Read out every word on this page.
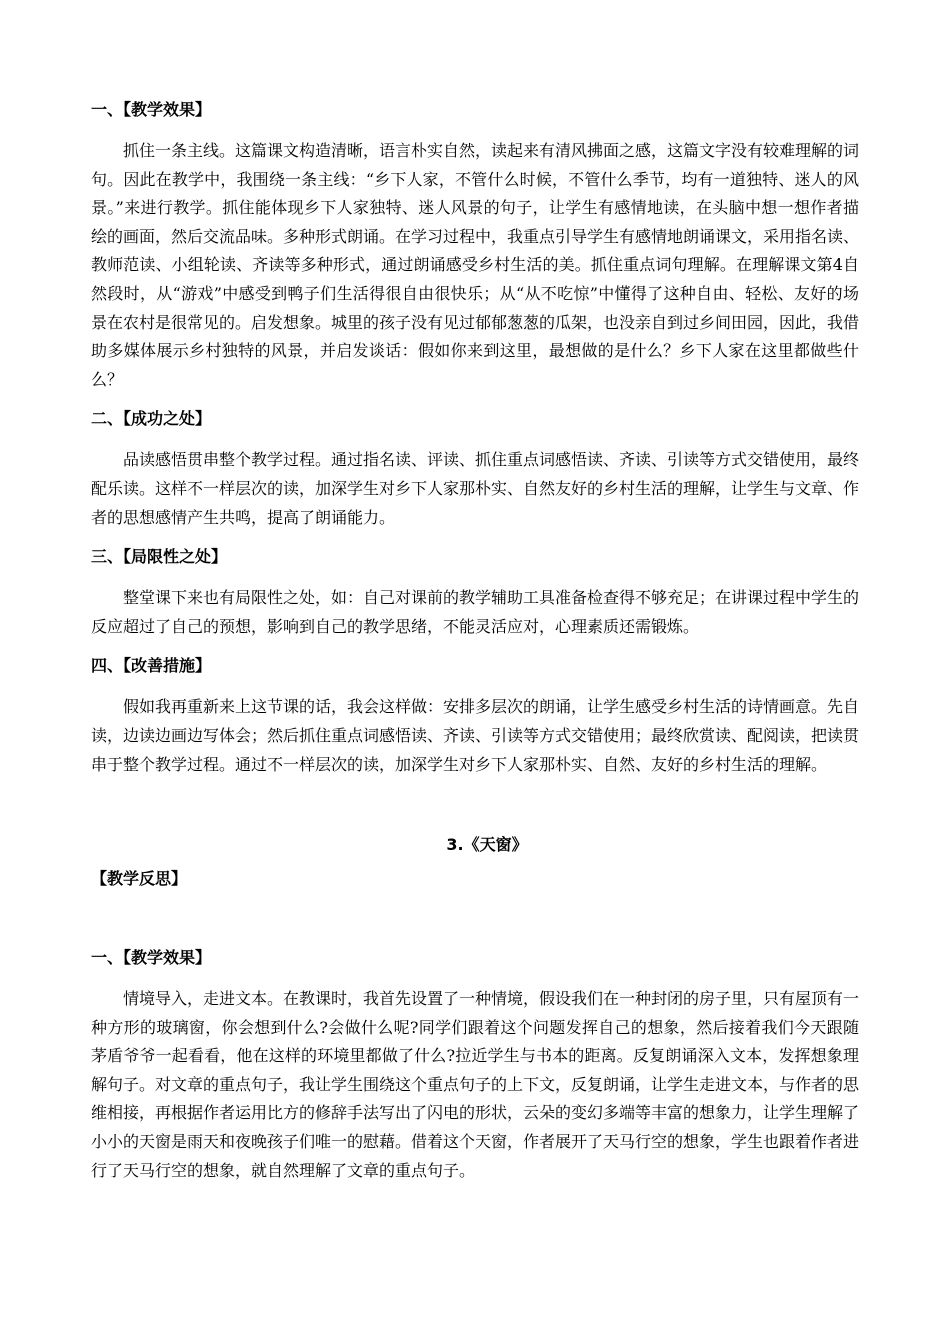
一、【教学效果】

抓住一条主线。这篇课文构造清晰，语言朴实自然，读起来有清风拂面之感，这篇文字没有较难理解的词句。因此在教学中，我围绕一条主线：“乡下人家，不管什么时候，不管什么季节，均有一道独特、迷人的风景。”来进行教学。抓住能体现乡下人家独特、迷人风景的句子，让学生有感情地读，在头脑中想一想作者描绘的画面，然后交流品味。多种形式朗诵。在学习过程中，我重点引导学生有感情地朗诵课文，采用指名读、教师范读、小组轮读、齐读等多种形式，通过朗诵感受乡村生活的美。抓住重点词句理解。在理解课文第4自然段时，从“游戏”中感受到鸭子们生活得很自由很快乐；从“从不吃惊”中懂得了这种自由、轻松、友好的场景在农村是很常见的。启发想象。城里的孩子没有见过郁郁葱葱的瓜架，也没亲自到过乡间田园，因此，我借助多媒体展示乡村独特的风景，并启发谈话：假如你来到这里，最想做的是什么？乡下人家在这里都做些什么？

二、【成功之处】

品读感悟贯串整个教学过程。通过指名读、评读、抓住重点词感悟读、齐读、引读等方式交错使用，最终配乐读。这样不一样层次的读，加深学生对乡下人家那朴实、自然友好的乡村生活的理解，让学生与文章、作者的思想感情产生共鸣，提高了朗诵能力。

三、【局限性之处】

整堂课下来也有局限性之处，如：自己对课前的教学辅助工具准备检查得不够充足；在讲课过程中学生的反应超过了自己的预想，影响到自己的教学思绪，不能灵活应对，心理素质还需锻炼。

四、【改善措施】

假如我再重新来上这节课的话，我会这样做：安排多层次的朗诵，让学生感受乡村生活的诗情画意。先自读，边读边画边写体会；然后抓住重点词感悟读、齐读、引读等方式交错使用；最终欣赏读、配阅读，把读贯串于整个教学过程。通过不一样层次的读，加深学生对乡下人家那朴实、自然、友好的乡村生活的理解。

3.《天窗》
【教学反思】
一、【教学效果】

情境导入，走进文本。在教课时，我首先设置了一种情境，假设我们在一种封闭的房子里，只有屋顶有一种方形的玻璃窗，你会想到什么?会做什么呢?同学们跟着这个问题发挥自己的想象，然后接着我们今天跟随茅盾爷爷一起看看，他在这样的环境里都做了什么?拉近学生与书本的距离。反复朗诵深入文本，发挥想象理解句子。对文章的重点句子，我让学生围绕这个重点句子的上下文，反复朗诵，让学生走进文本，与作者的思维相接，再根据作者运用比方的修辞手法写出了闪电的形状，云朵的变幻多端等丰富的想象力，让学生理解了小小的天窗是雨天和夜晚孩子们唯一的慰藉。借着这个天窗，作者展开了天马行空的想象，学生也跟着作者进行了天马行空的想象，就自然理解了文章的重点句子。
